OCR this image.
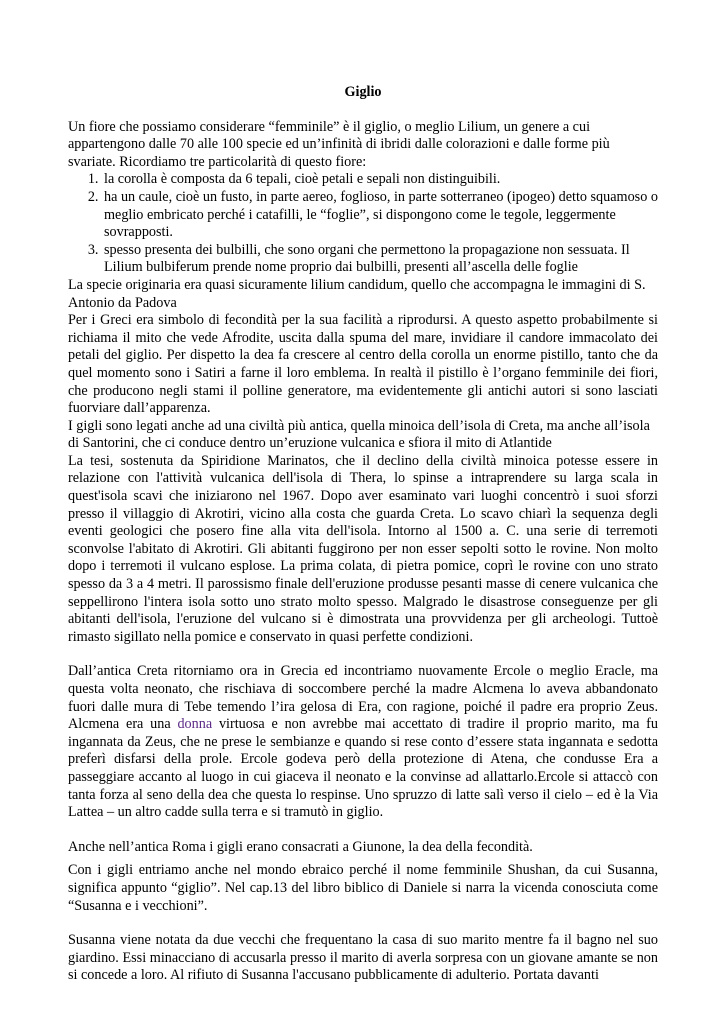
Giglio

Un fiore che possiamo considerare “femminile” è il giglio, o meglio Lilium, un genere a cui appartengono dalle 70 alle 100 specie ed un’infinità di ibridi dalle colorazioni e dalle forme più svariate. Ricordiamo tre particolarità di questo fiore:

1. la corolla è composta da 6 tepali, cioè petali e sepali non distinguibili.
2. ha un caule, cioè un fusto, in parte aereo, foglioso, in parte sotterraneo (ipogeo) detto squamoso o meglio embricato perché i catafilli, le “foglie”, si dispongono come le tegole, leggermente sovrapposti.
3. spesso presenta dei bulbilli, che sono organi che permettono la propagazione non sessuata. Il Lilium bulbiferum prende nome proprio dai bulbilli, presenti all’ascella delle foglie

La specie originaria era quasi sicuramente lilium candidum, quello che accompagna le immagini di S. Antonio da Padova

Per i Greci era simbolo di fecondità per la sua facilità a riprodursi. A questo aspetto probabilmente si richiama il mito che vede Afrodite, uscita dalla spuma del mare, invidiare il candore immacolato dei petali del giglio. Per dispetto la dea fa crescere al centro della corolla un enorme pistillo, tanto che da quel momento sono i Satiri a farne il loro emblema. In realtà il pistillo è l’organo femminile dei fiori, che producono negli stami il polline generatore, ma evidentemente gli antichi autori si sono lasciati fuorviare dall’apparenza.

I gigli sono legati anche ad una civiltà più antica, quella minoica dell’isola di Creta, ma anche all’isola di Santorini, che ci conduce dentro un’eruzione vulcanica e sfiora il mito di Atlantide

La tesi, sostenuta da Spiridione Marinatos, che il declino della civiltà minoica potesse essere in relazione con l'attività vulcanica dell'isola di Thera, lo spinse a intraprendere su larga scala in quest'isola scavi che iniziarono nel 1967. Dopo aver esaminato vari luoghi concentrò i suoi sforzi presso il villaggio di Akrotiri, vicino alla costa che guarda Creta. Lo scavo chiarì la sequenza degli eventi geologici che posero fine alla vita dell'isola. Intorno al 1500 a. C. una serie di terremoti sconvolse l'abitato di Akrotiri. Gli abitanti fuggirono per non esser sepolti sotto le rovine. Non molto dopo i terremoti il vulcano esplose. La prima colata, di pietra pomice, coprì le rovine con uno strato spesso da 3 a 4 metri. Il parossismo finale dell'eruzione produsse pesanti masse di cenere vulcanica che seppellirono l'intera isola sotto uno strato molto spesso. Malgrado le disastrose conseguenze per gli abitanti dell'isola, l'eruzione del vulcano si è dimostrata una provvidenza per gli archeologi. Tuttoè rimasto sigillato nella pomice e conservato in quasi perfette condizioni.

Dall’antica Creta ritorniamo ora in Grecia ed incontriamo nuovamente Ercole o meglio Eracle, ma questa volta neonato, che rischiava di soccombere perché la madre Alcmena lo aveva abbandonato fuori dalle mura di Tebe temendo l’ira gelosa di Era, con ragione, poiché il padre era proprio Zeus. Alcmena era una donna virtuosa e non avrebbe mai accettato di tradire il proprio marito, ma fu ingannata da Zeus, che ne prese le sembianze e quando si rese conto d’essere stata ingannata e sedotta preferì disfarsi della prole. Ercole godeva però della protezione di Atena, che condusse Era a passeggiare accanto al luogo in cui giaceva il neonato e la convinse ad allattarlo.Ercole si attaccò con tanta forza al seno della dea che questa lo respinse. Uno spruzzo di latte salì verso il cielo – ed è la Via Lattea – un altro cadde sulla terra e si tramutò in giglio.

Anche nell’antica Roma i gigli erano consacrati a Giunone, la dea della fecondità.

Con i gigli entriamo anche nel mondo ebraico perché il nome femminile Shushan, da cui Susanna, significa appunto “giglio”. Nel cap.13 del libro biblico di Daniele si narra la vicenda conosciuta come “Susanna e i vecchioni”.

Susanna viene notata da due vecchi che frequentano la casa di suo marito mentre fa il bagno nel suo giardino. Essi minacciano di accusarla presso il marito di averla sorpresa con un giovane amante se non si concede a loro. Al rifiuto di Susanna l'accusano pubblicamente di adulterio. Portata davanti
